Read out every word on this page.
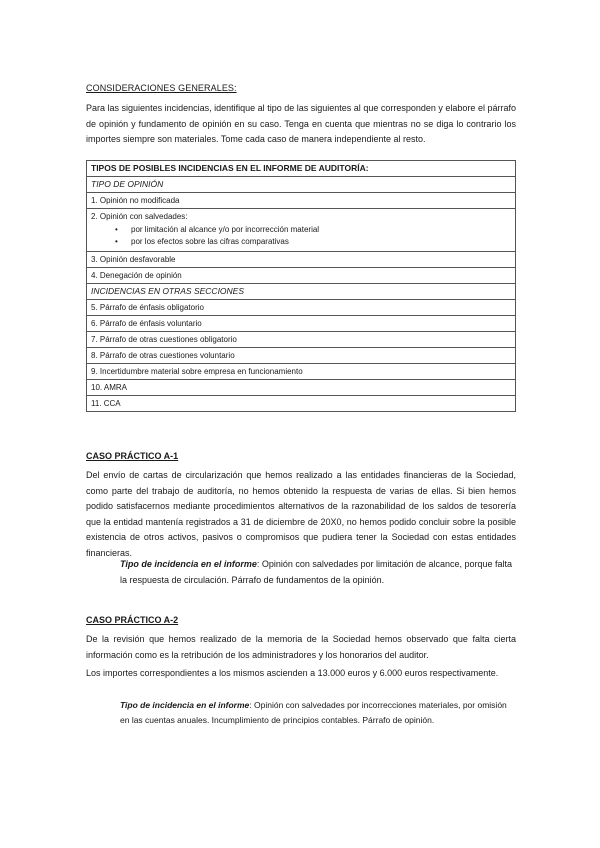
CONSIDERACIONES GENERALES:
Para las siguientes incidencias, identifique al tipo de las siguientes al que corresponden y elabore el párrafo de opinión y fundamento de opinión en su caso. Tenga en cuenta que mientras no se diga lo contrario los importes siempre son materiales. Tome cada caso de manera independiente al resto.
TIPOS DE POSIBLES INCIDENCIAS EN EL INFORME DE AUDITORÍA:
TIPO DE OPINIÓN
1. Opinión no modificada

2. Opinión con salvedades:
•	por limitación al alcance y/o por incorrección material
•	por los efectos sobre las cifras comparativas

3. Opinión desfavorable
4. Denegación de opinión
INCIDENCIAS EN OTRAS SECCIONES
5. Párrafo de énfasis obligatorio
6. Párrafo de énfasis voluntario
7. Párrafo de otras cuestiones obligatorio
8. Párrafo de otras cuestiones voluntario
9. Incertidumbre material sobre empresa en funcionamiento
10. AMRA
11. CCA
CASO PRÁCTICO A-1
Del envío de cartas de circularización que hemos realizado a las entidades financieras de la Sociedad, como parte del trabajo de auditoría, no hemos obtenido la respuesta de varias de ellas. Si bien hemos podido satisfacernos mediante procedimientos alternativos de la razonabilidad de los saldos de tesorería que la entidad mantenía registrados a 31 de diciembre de 20X0, no hemos podido concluir sobre la posible existencia de otros activos, pasivos o compromisos que pudiera tener la Sociedad con estas entidades financieras.
Tipo de incidencia en el informe: Opinión con salvedades por limitación de alcance, porque falta la respuesta de circulación. Párrafo de fundamentos de la opinión.
CASO PRÁCTICO A-2
De la revisión que hemos realizado de la memoria de la Sociedad hemos observado que falta cierta información como es la retribución de los administradores y los honorarios del auditor.
Los importes correspondientes a los mismos ascienden a 13.000 euros y 6.000 euros respectivamente.
Tipo de incidencia en el informe: Opinión con salvedades por incorrecciones materiales, por omisión en las cuentas anuales. Incumplimiento de principios contables. Párrafo de opinión.
